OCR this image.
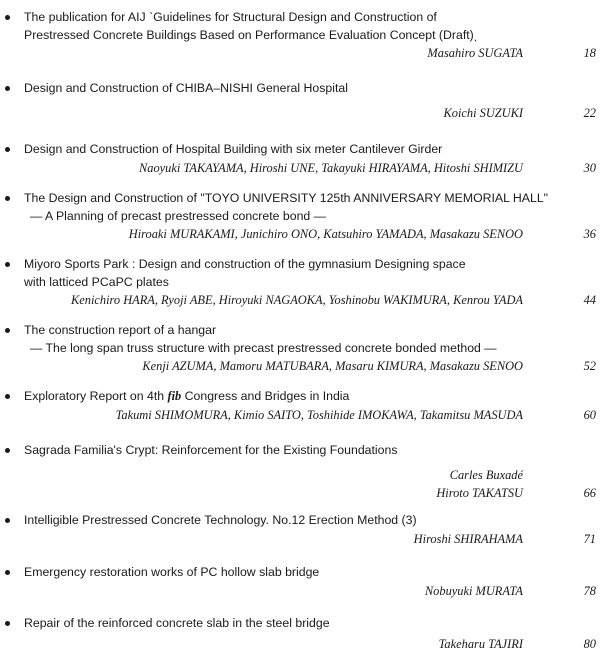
The publication for AIJ ˋGuidelines for Structural Design and Construction of
Prestressed Concrete Buildings Based on Performance Evaluation Concept (Draft)ˎ
Masahiro SUGATA	18
Design and Construction of CHIBA–NISHI General Hospital
Koichi SUZUKI	22
Design and Construction of Hospital Building with six meter Cantilever Girder
Naoyuki TAKAYAMA, Hiroshi UNE, Takayuki HIRAYAMA, Hitoshi SHIMIZU	30
The Design and Construction of "TOYO UNIVERSITY 125th ANNIVERSARY MEMORIAL HALL"
— A Planning of precast prestressed concrete bond —
Hiroaki MURAKAMI, Junichiro ONO, Katsuhiro YAMADA, Masakazu SENOO	36
Miyoro Sports Park : Design and construction of the gymnasium Designing space
with latticed PCaPC plates
Kenichiro HARA, Ryoji ABE, Hiroyuki NAGAOKA, Yoshinobu WAKIMURA, Kenrou YADA	44
The construction report of a hangar
— The long span truss structure with precast prestressed concrete bonded method —
Kenji AZUMA, Mamoru MATUBARA, Masaru KIMURA, Masakazu SENOO	52
Exploratory Report on 4th fib Congress and Bridges in India
Takumi SHIMOMURA, Kimio SAITO, Toshihide IMOKAWA, Takamitsu MASUDA	60
Sagrada Familia's Crypt: Reinforcement for the Existing Foundations
Carles Buxadé
Hiroto TAKATSU	66
Intelligible Prestressed Concrete Technology. No.12 Erection Method (3)
Hiroshi SHIRAHAMA	71
Emergency restoration works of PC hollow slab bridge
Nobuyuki MURATA	78
Repair of the reinforced concrete slab in the steel bridge
Takeharu TAJIRI	80
